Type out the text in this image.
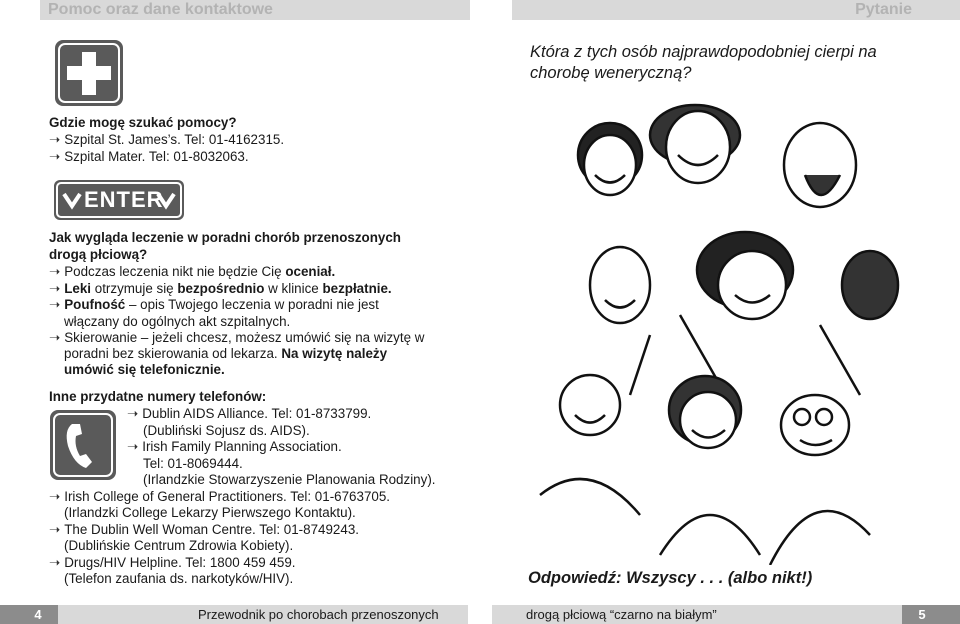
Pomoc oraz dane kontaktowe	Pytanie
Gdzie mogę szukać pomocy?
➝ Szpital St. James’s. Tel: 01-4162315.
➝ Szpital Mater. Tel: 01-8032063.
ENTER
Jak wygląda leczenie w poradni chorób przenoszonych drogą płciową?
➝ Podczas leczenia nikt nie będzie Cię oceniał.
➝ Leki otrzymuje się bezpośrednio w klinice bezpłatnie.
➝ Poufność – opis Twojego leczenia w poradni nie jest
włączany do ogólnych akt szpitalnych.
➝ Skierowanie – jeżeli chcesz, możesz umówić się na wizytę w
poradni bez skierowania od lekarza. Na wizytę należy
umówić się telefonicznie.
Inne przydatne numery telefonów:
➝ Dublin AIDS Alliance. Tel: 01-8733799.
(Dubliński Sojusz ds. AIDS).
➝ Irish Family Planning Association.
Tel: 01-8069444.
(Irlandzkie Stowarzyszenie Planowania Rodziny).
➝ Irish College of General Practitioners. Tel: 01-6763705.
(Irlandzki College Lekarzy Pierwszego Kontaktu).
➝ The Dublin Well Woman Centre. Tel: 01-8749243.
(Dublińskie Centrum Zdrowia Kobiety).
➝ Drugs/HIV Helpline. Tel: 1800 459 459.
(Telefon zaufania ds. narkotyków/HIV).
Która z tych osób najprawdopodobniej cierpi na chorobę weneryczną?
Odpowiedź: Wszyscy . . . (albo nikt!)
4	Przewodnik po chorobach przenoszonych	drogą płciową “czarno na białym”	5
